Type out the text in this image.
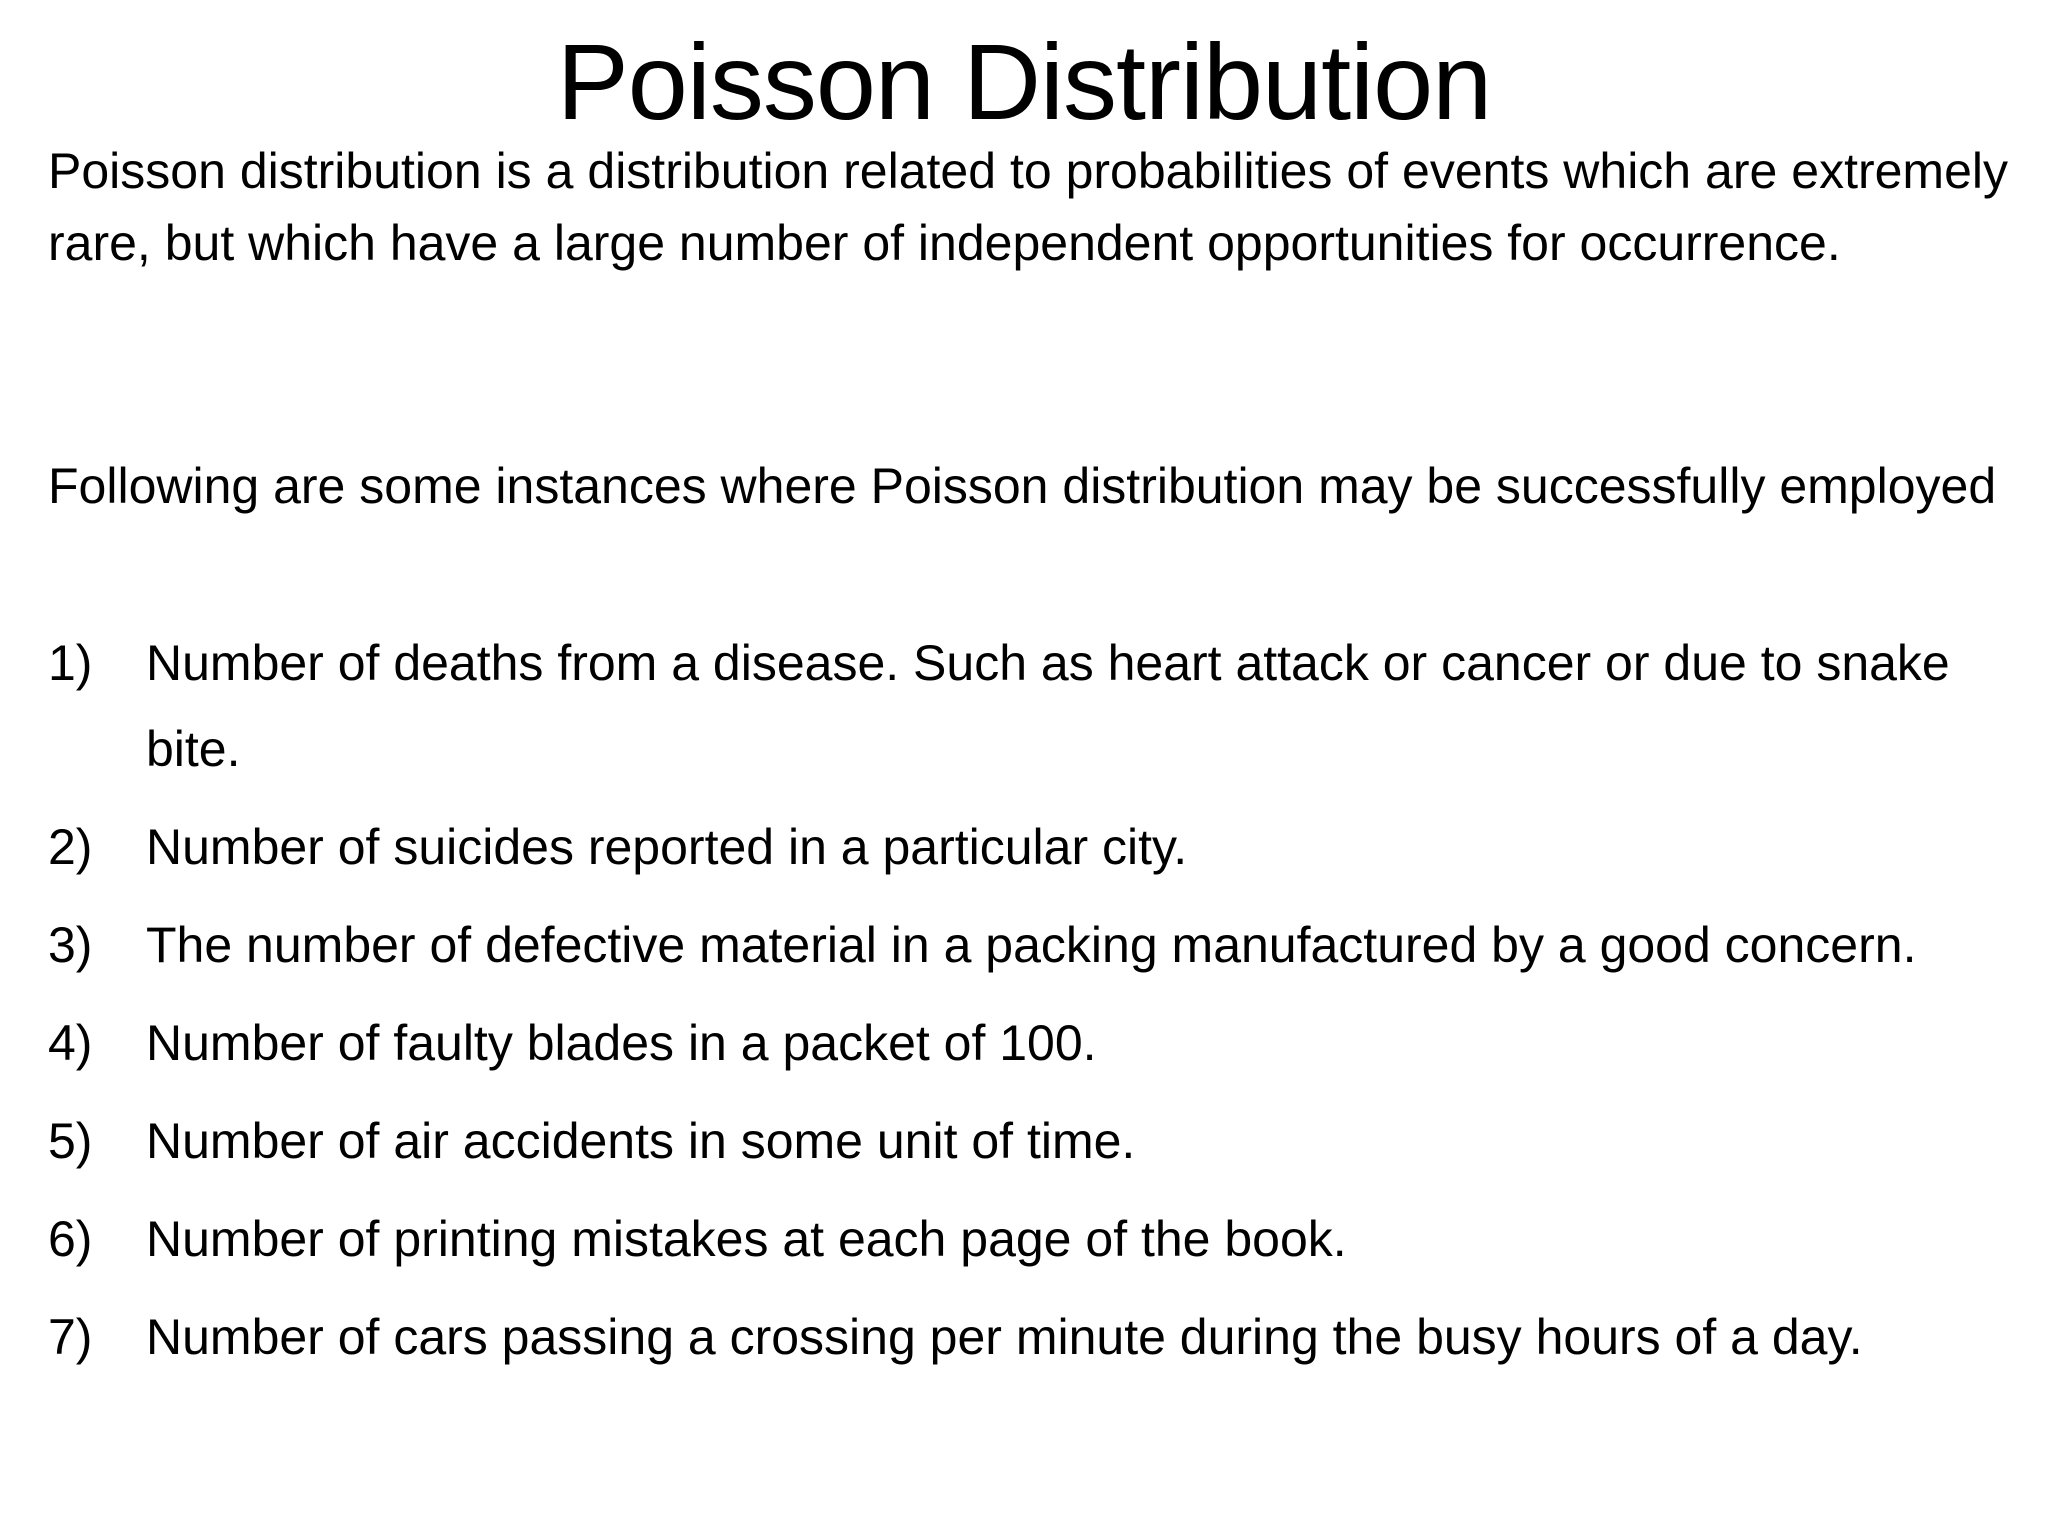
Poisson Distribution

Poisson distribution is a distribution related to probabilities of events which are extremely rare, but which have a large number of independent opportunities for occurrence.

Following are some instances where Poisson distribution may be successfully employed

1)	Number of deaths from a disease. Such as heart attack or cancer or due to snake bite.
2)	Number of suicides reported in a particular city.
3)	The number of defective material in a packing manufactured by a good concern.
4)	Number of faulty blades in a packet of 100.
5)	Number of air accidents in some unit of time.
6)	Number of printing mistakes at each page of the book.
7)	Number of cars passing a crossing per minute during the busy hours of a day.
